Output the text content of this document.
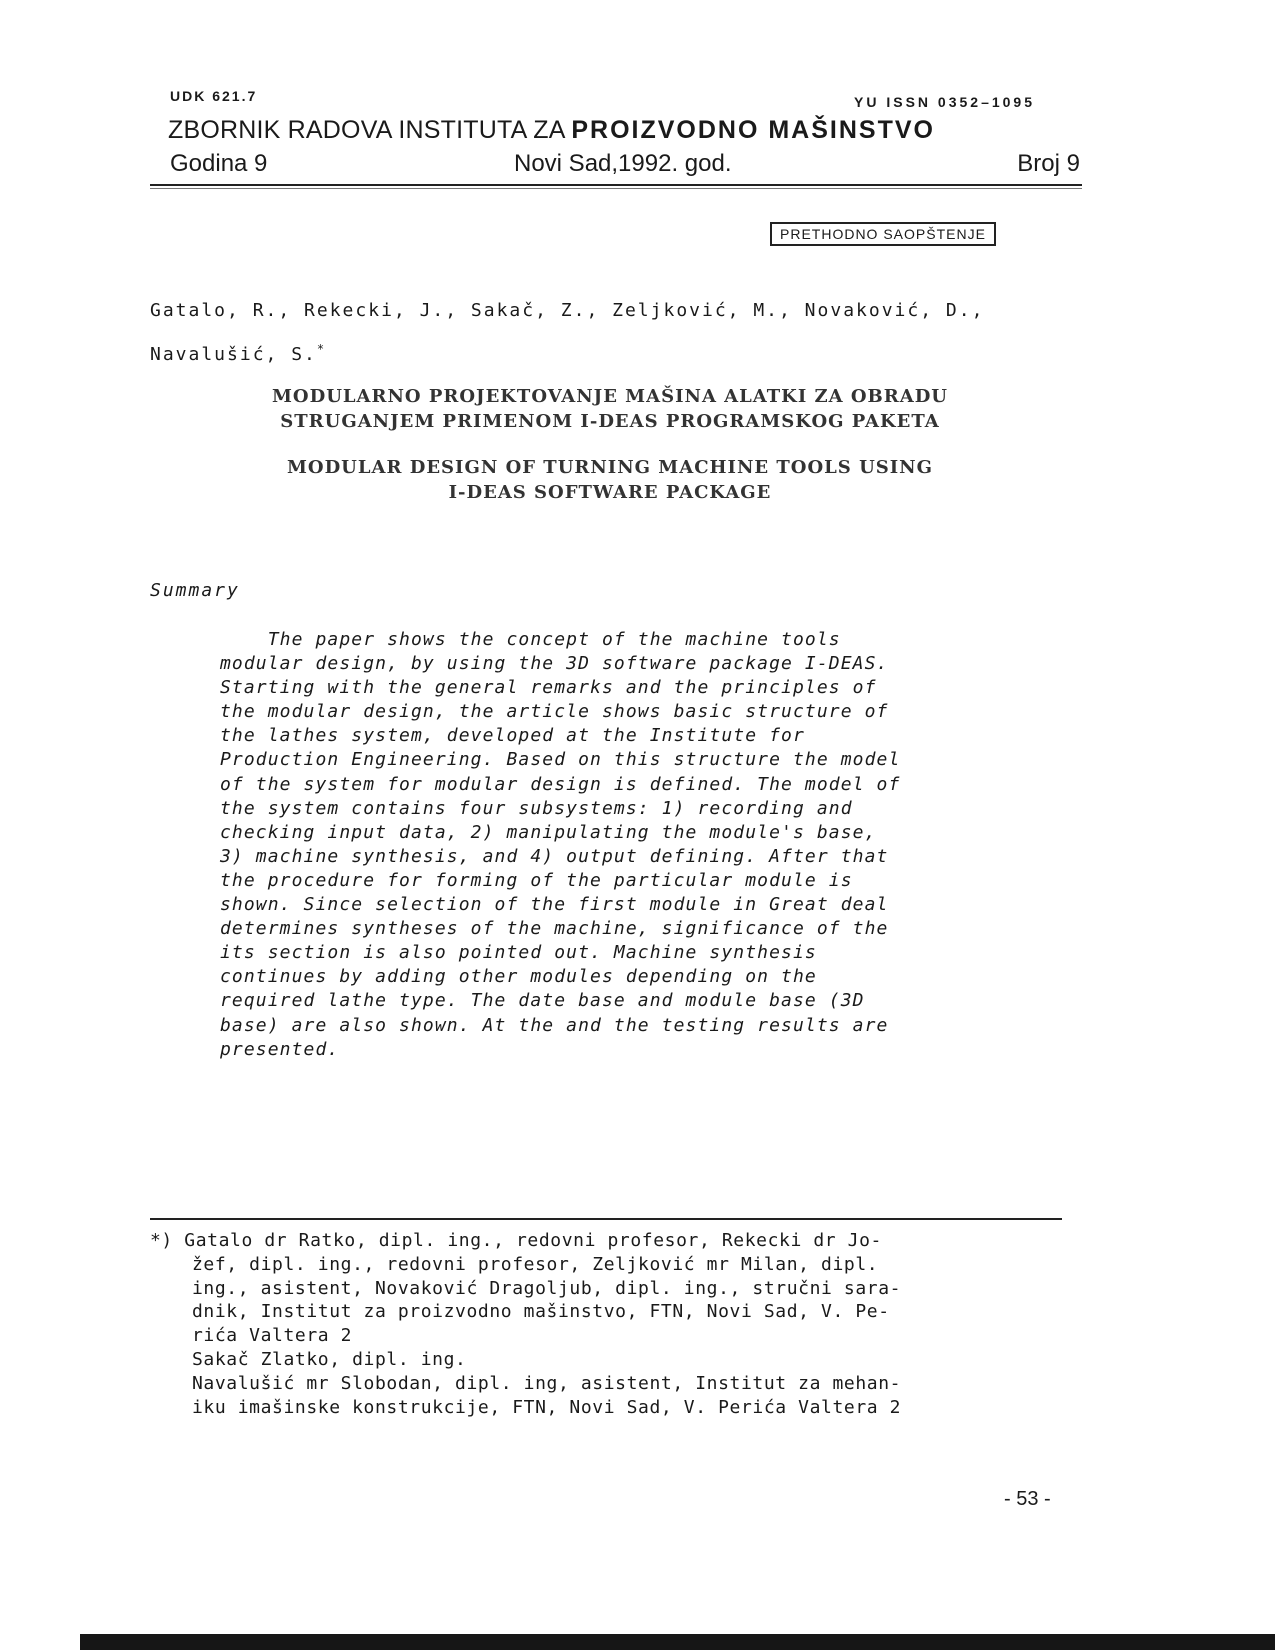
UDK 621.7	YU ISSN 0352–1095
ZBORNIK RADOVA INSTITUTA ZA PROIZVODNO MAŠINSTVO
Godina 9	Novi Sad,1992. god.	Broj 9
PRETHODNO SAOPŠTENJE
Gatalo, R., Rekecki, J., Sakač, Z., Zeljković, M., Novaković, D.,
Navalušić, S.*
MODULARNO PROJEKTOVANJE MAŠINA ALATKI ZA OBRADU
STRUGANJEM PRIMENOM I-DEAS PROGRAMSKOG PAKETA
MODULAR DESIGN OF TURNING MACHINE TOOLS USING
I-DEAS SOFTWARE PACKAGE
Summary
The paper shows the concept of the machine tools
modular design, by using the 3D software package I-DEAS.
Starting with the general remarks and the principles of
the modular design, the article shows basic structure of
the lathes system, developed at the Institute for
Production Engineering. Based on this structure the model
of the system for modular design is defined. The model of
the system contains four subsystems: 1) recording and
checking input data, 2) manipulating the module's base,
3) machine synthesis, and 4) output defining. After that
the procedure for forming of the particular module is
shown. Since selection of the first module in Great deal
determines syntheses of the machine, significance of the
its section is also pointed out. Machine synthesis
continues by adding other modules depending on the
required lathe type. The date base and module base (3D
base) are also shown. At the and the testing results are
presented.
*) Gatalo dr Ratko, dipl. ing., redovni profesor, Rekecki dr Jo-
žef, dipl. ing., redovni profesor, Zeljković mr Milan, dipl.
ing., asistent, Novaković Dragoljub, dipl. ing., stručni sara-
dnik, Institut za proizvodno mašinstvo, FTN, Novi Sad, V. Pe-
rića Valtera 2
Sakač Zlatko, dipl. ing.
Navalušić mr Slobodan, dipl. ing, asistent, Institut za mehan-
iku imašinske konstrukcije, FTN, Novi Sad, V. Perića Valtera 2
- 53 -
